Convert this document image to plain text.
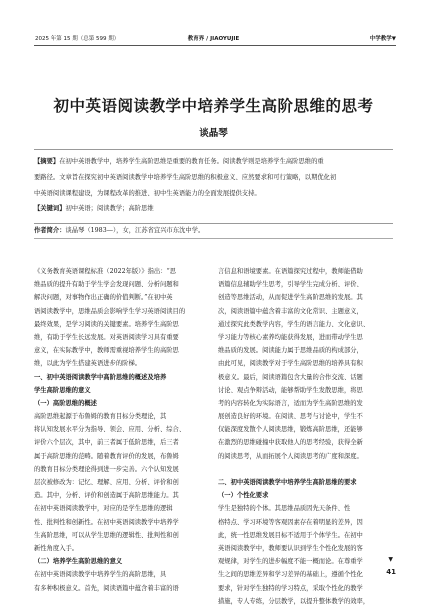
2025 年第 15 期（总第 599 期）	教育界 / JIAOYUJIE	中学教学▼
初中英语阅读教学中培养学生高阶思维的思考
谈晶琴

【摘要】在初中英语教学中，培养学生高阶思维是重要的教育任务。阅读教学则是培养学生高阶思维的重

要路径。文章旨在探究初中英语阅读教学中培养学生高阶思维的积极意义、应然要求和可行策略，以期优化初

中英语阅读课程建设，为课程改革的推进、初中生英语能力的全面发展提供支持。

【关键词】初中英语；阅读教学；高阶思维

作者简介：谈晶琴（1983—），女，江苏省宜兴市东沈中学。

《义务教育英语课程标准（2022年版）》指出：“思

维品质的提升有助于学生学会发现问题、分析问题和

解决问题，对事物作出正确的价值判断。”在初中英

语阅读教学中，思维品质会影响学生学习英语阅读目的

最终效果，是学习阅读的关键要素。培养学生高阶思

维，有助于学生长远发展。对英语阅读学习具有重要

意义，在实际教学中，教师需重视培养学生的高阶思

维，以此为学生搭建英语进步的阶梯。

一、初中英语阅读教学中高阶思维的概述及培养

学生高阶思维的意义

（一）高阶思维的概述

高阶思维起源于布鲁姆的教育目标分类理论，其

将认知发展水平分为指导、领会、应用、分析、综合、

评价六个层次，其中，前三者属于低阶思维，后三者

属于高阶思维的范畴。随着教育评价的发展，布鲁姆

的教育目标分类理论得到进一步完善。六个认知发展

层次被修改为：记忆、理解、应用、分析、评价和创

造。其中，分析、评价和创造属于高阶思维能力。其

在初中英语阅读教学中，对应的是学生思维的逻辑

性、批判性和创新性。在初中英语阅读教学中培养学

生高阶思维，可以从学生思维的逻辑性、批判性和创

新性角度入手。

（二）培养学生高阶思维的意义

在初中英语阅读教学中培养学生的高阶思维，具

有多种积极意义。首先，阅读语篇中蕴含着丰富的语

言信息和语境要素。在语篇探究过程中，教师能借助

语篇信息辅助学生思考，引导学生完成分析、评价、

创造等思维活动，从而促进学生高阶思维的发展。其

次，阅读语篇中蕴含着丰富的文化常识、主题意义，

通过探究此类教学内容，学生的语言能力、文化意识、

学习能力等核心素养均能获得发展，进而带动学生思

维品质的发展。阅读能力属于思维品质的构成部分，

由此可见，阅读教学对于学生高阶思维的培养具有积

极意义。最后，阅读语篇包含大量的合作交流、话题

讨论、观点争辩活动，能够帮助学生发散思维，将思

考的内容转化为实际语言，适而为学生高阶思维的发

展创造良好的环境。在阅读、思考与讨论中，学生不

仅能深度发散个人阅读思维，锻炼高阶思维，还能够

在激烈的思维碰撞中获取他人的思考经验，获得全新

的阅读思考，从而拓展个人阅读思考的广度和深度。

二、初中英语阅读教学中培养学生高阶思维的要求

（一）个性化要求

学生是独特的个体。其思维品质因先天条件、性

格特点、学习环境等客观因素存在着明显的差异，因

此，统一性思维发展目标不适用于个体学生。在初中

英语阅读教学中，教师要认识到学生个性化发展的客

观规律，对学生的进步幅度不能一概而论。在尊重学

生之间的思维差异和学习差异的基础上，遵循个性化

要求，针对学生独特的学习特点，采取个性化的教学

措施，专人专练，分层教学，以提升整体教学的效率，

▼
41
